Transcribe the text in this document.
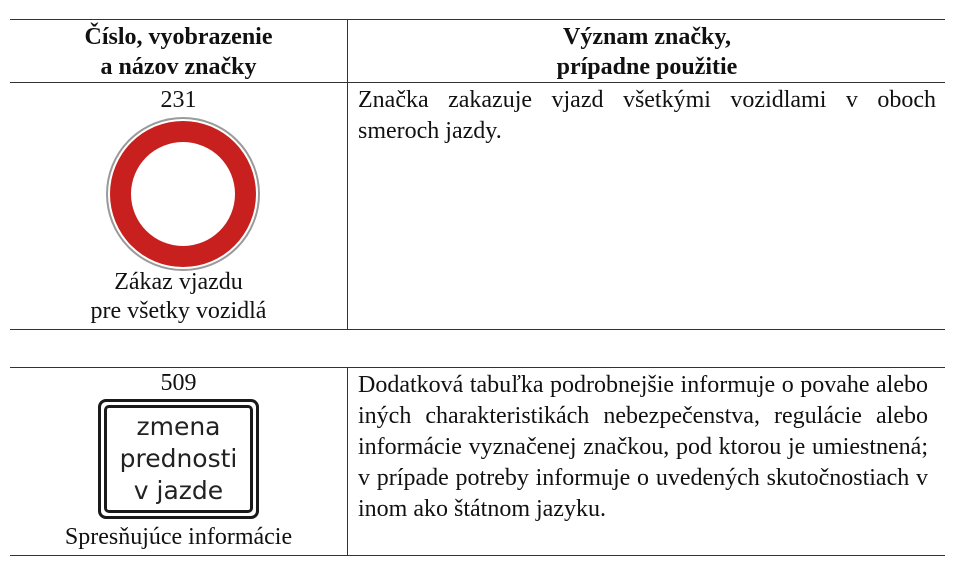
Číslo, vyobrazenie
a názov značky
Význam značky,
prípadne použitie
231
Zákaz vjazdu
pre všetky vozidlá
Značka zakazuje vjazd všetkými vozidlami v oboch smeroch jazdy.
509
zmena
prednosti
v jazde
Spresňujúce informácie
Dodatková tabuľka podrobnejšie informuje o povahe alebo iných charakteristikách nebezpečenstva, regulácie alebo informácie vyznačenej značkou, pod ktorou je umiestnená; v prípade potreby informuje o uvedených skutočnostiach v inom ako štátnom jazyku.
